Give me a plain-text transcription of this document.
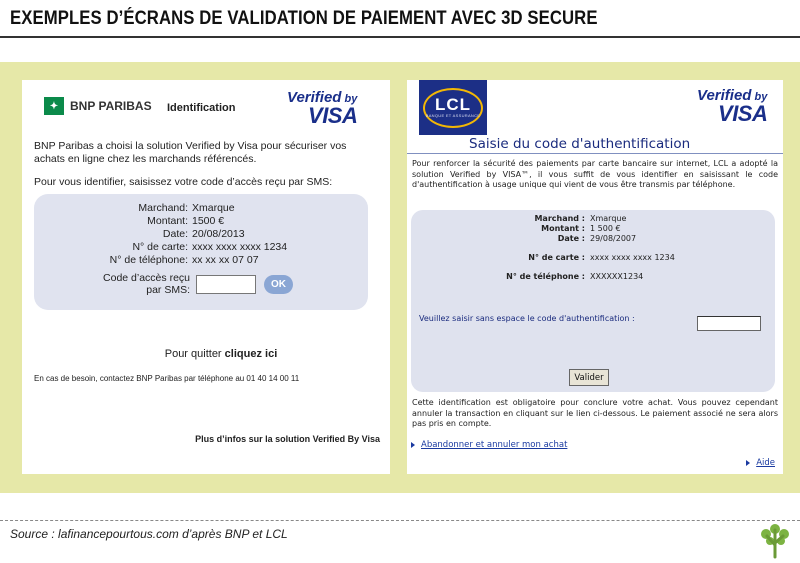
EXEMPLES D’ÉCRANS DE VALIDATION DE PAIEMENT AVEC 3D SECURE
✦ BNP PARIBAS Identification
Verified by
VISA
BNP Paribas a choisi la solution Verified by Visa pour sécuriser vos achats en ligne chez les marchands référencés.
Pour vous identifier, saisissez votre code d’accès reçu par SMS:
Marchand: Xmarque
Montant: 1500 €
Date: 20/08/2013
N° de carte: xxxx xxxx xxxx 1234
N° de téléphone: xx xx xx 07 07
Code d’accès reçu
par SMS:	OK
Pour quitter cliquez ici
En cas de besoin, contactez BNP Paribas par téléphone au 01 40 14 00 11
Plus d’infos sur la solution Verified By Visa
LCL
BANQUE ET ASSURANCE
Verified by
VISA
Saisie du code d'authentification
Pour renforcer la sécurité des paiements par carte bancaire sur internet, LCL a adopté la solution Verified by VISA™, il vous suffit de vous identifier en saisissant le code d'authentification à usage unique qui vient de vous être transmis par téléphone.
Marchand : Xmarque
Montant : 1 500 €
Date : 29/08/2007
N° de carte : xxxx xxxx xxxx 1234
N° de téléphone : XXXXXX1234
Veuillez saisir sans espace le code d'authentification :
Valider
Cette identification est obligatoire pour conclure votre achat. Vous pouvez cependant annuler la transaction en cliquant sur le lien ci-dessous. Le paiement associé ne sera alors pas pris en compte.
Abandonner et annuler mon achat
Aide
Source : lafinancepourtous.com d’après BNP et LCL
